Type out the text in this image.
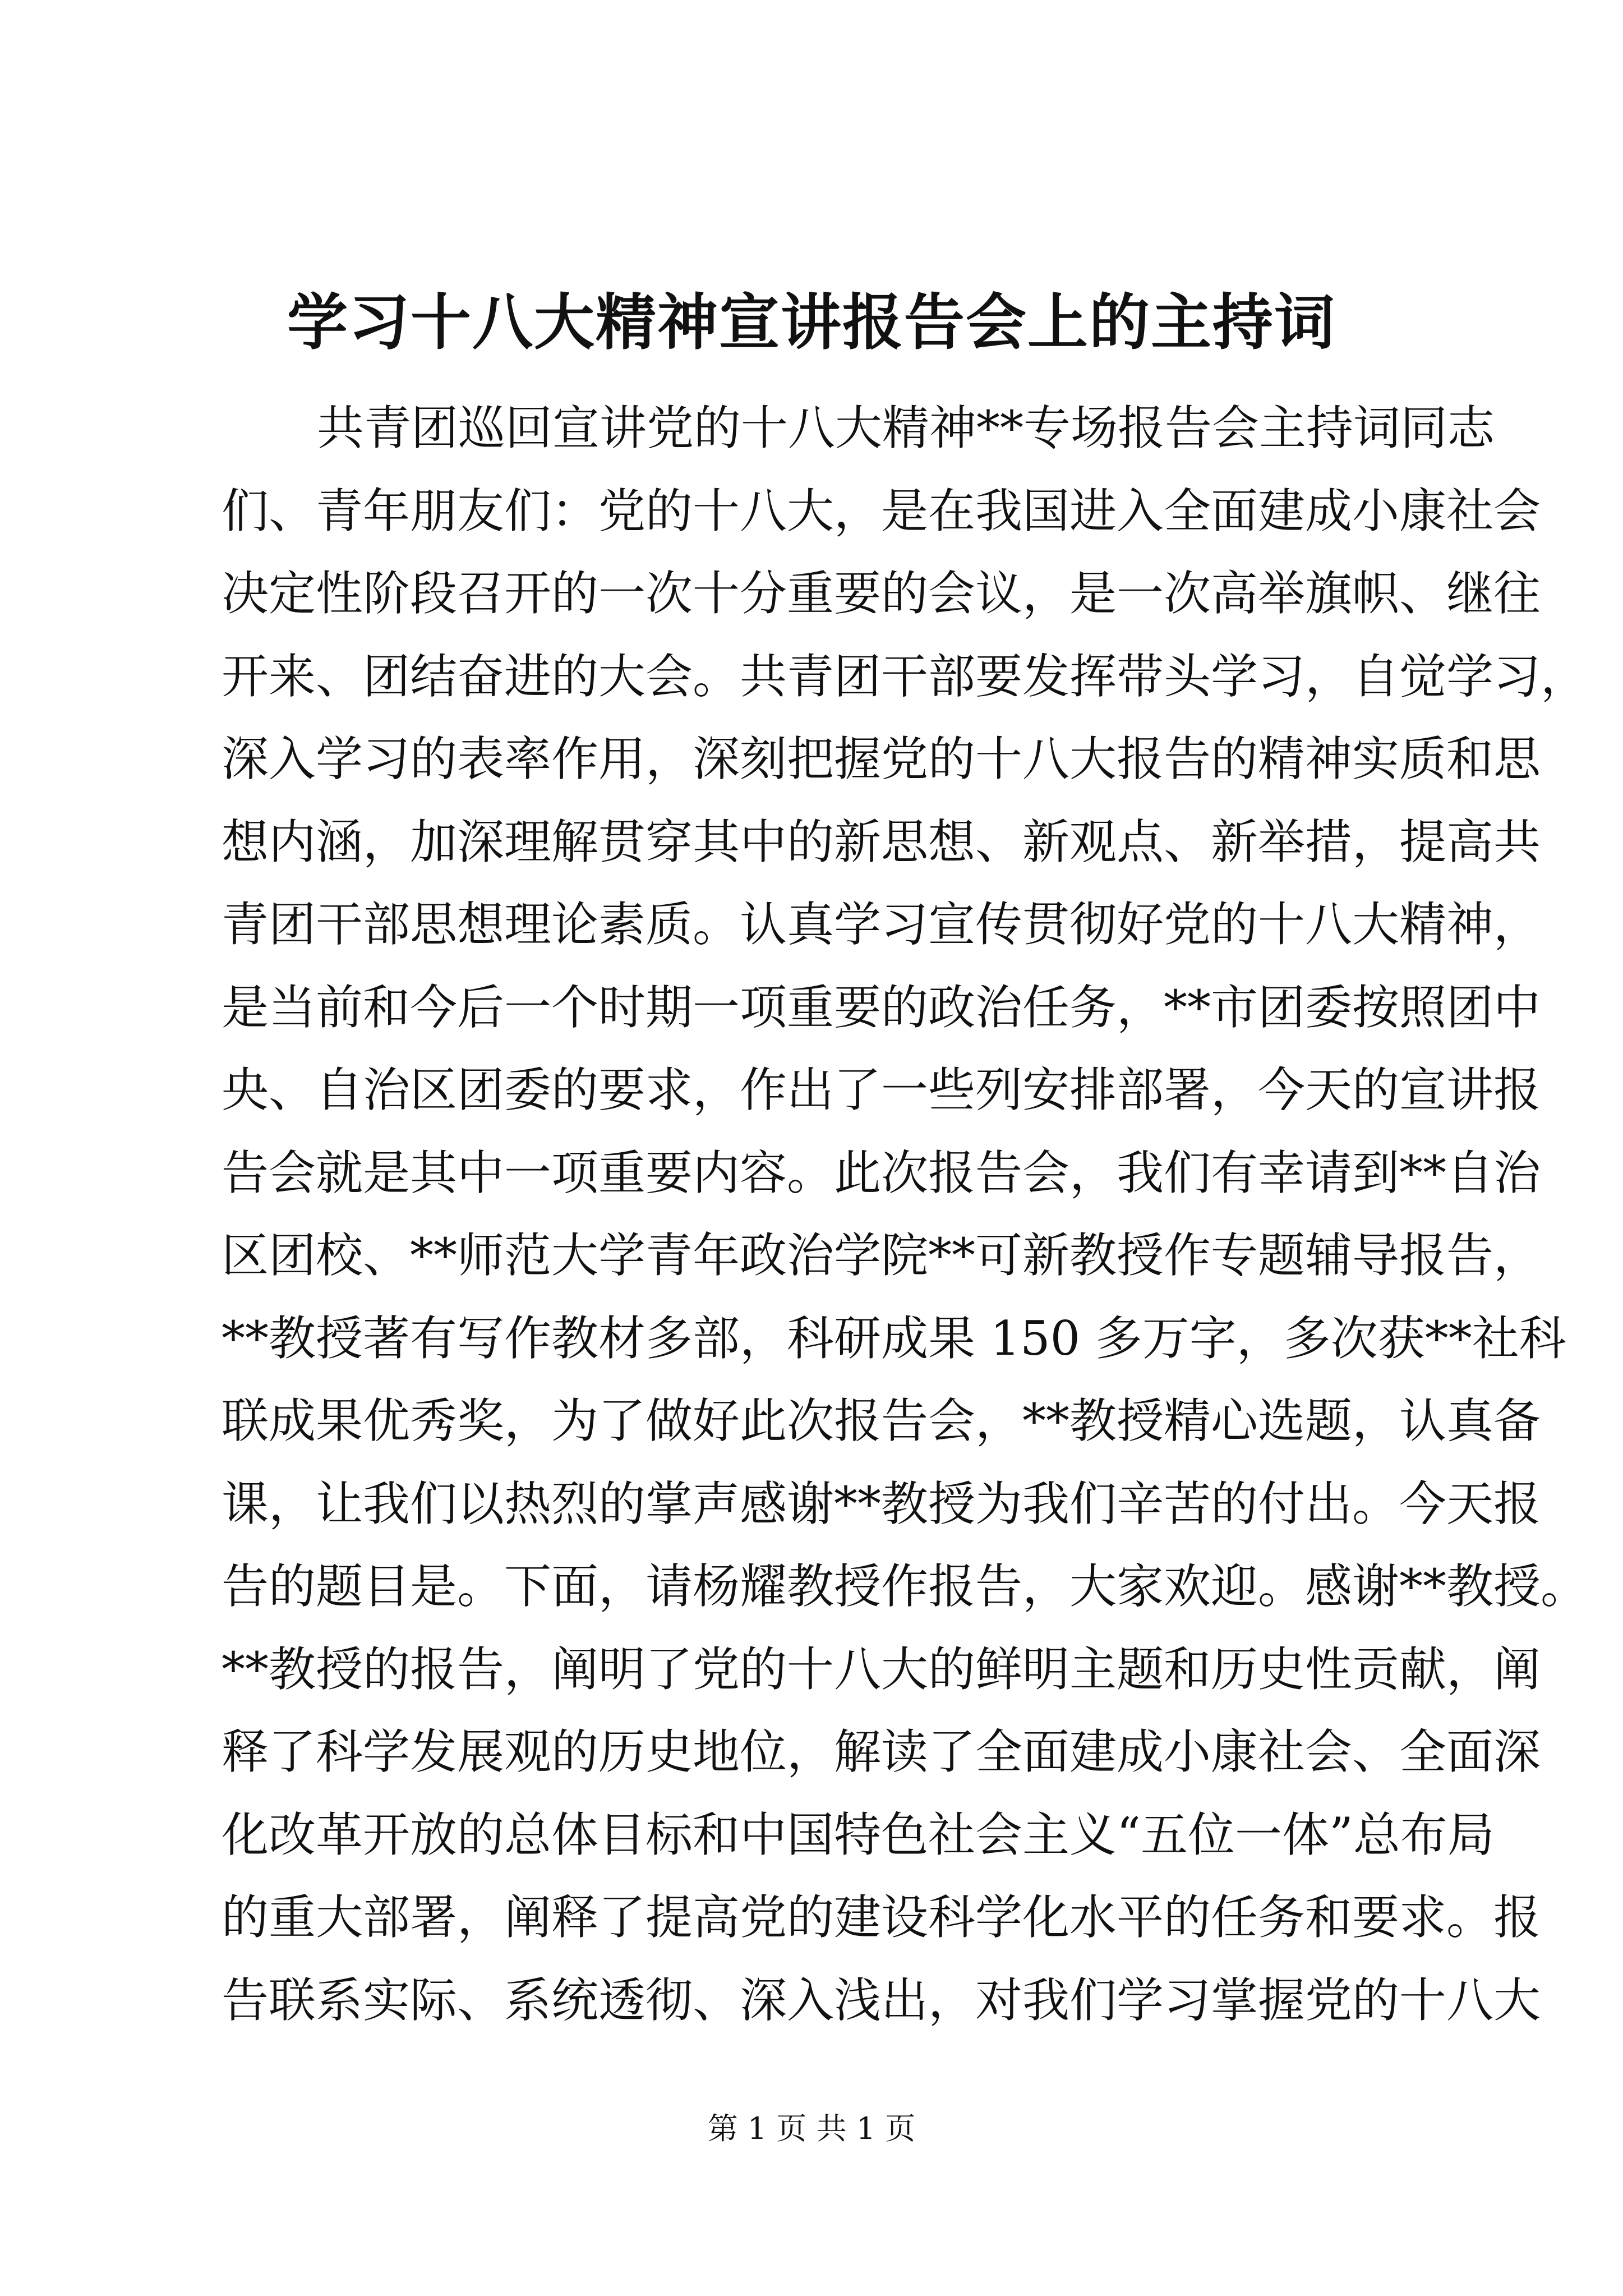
学习十八大精神宣讲报告会上的主持词
共青团巡回宣讲党的十八大精神**专场报告会主持词同志
们、青年朋友们：党的十八大，是在我国进入全面建成小康社会
决定性阶段召开的一次十分重要的会议，是一次高举旗帜、继往
开来、团结奋进的大会。共青团干部要发挥带头学习，自觉学习，
深入学习的表率作用，深刻把握党的十八大报告的精神实质和思
想内涵，加深理解贯穿其中的新思想、新观点、新举措，提高共
青团干部思想理论素质。认真学习宣传贯彻好党的十八大精神，
是当前和今后一个时期一项重要的政治任务，**市团委按照团中
央、自治区团委的要求，作出了一些列安排部署，今天的宣讲报
告会就是其中一项重要内容。此次报告会，我们有幸请到**自治
区团校、**师范大学青年政治学院**可新教授作专题辅导报告，
**教授著有写作教材多部，科研成果 150 多万字，多次获**社科
联成果优秀奖，为了做好此次报告会，**教授精心选题，认真备
课，让我们以热烈的掌声感谢**教授为我们辛苦的付出。今天报
告的题目是。下面，请杨耀教授作报告，大家欢迎。感谢**教授。
**教授的报告，阐明了党的十八大的鲜明主题和历史性贡献，阐
释了科学发展观的历史地位，解读了全面建成小康社会、全面深
化改革开放的总体目标和中国特色社会主义“五位一体”总布局
的重大部署，阐释了提高党的建设科学化水平的任务和要求。报
告联系实际、系统透彻、深入浅出，对我们学习掌握党的十八大
第 1 页 共 1 页
